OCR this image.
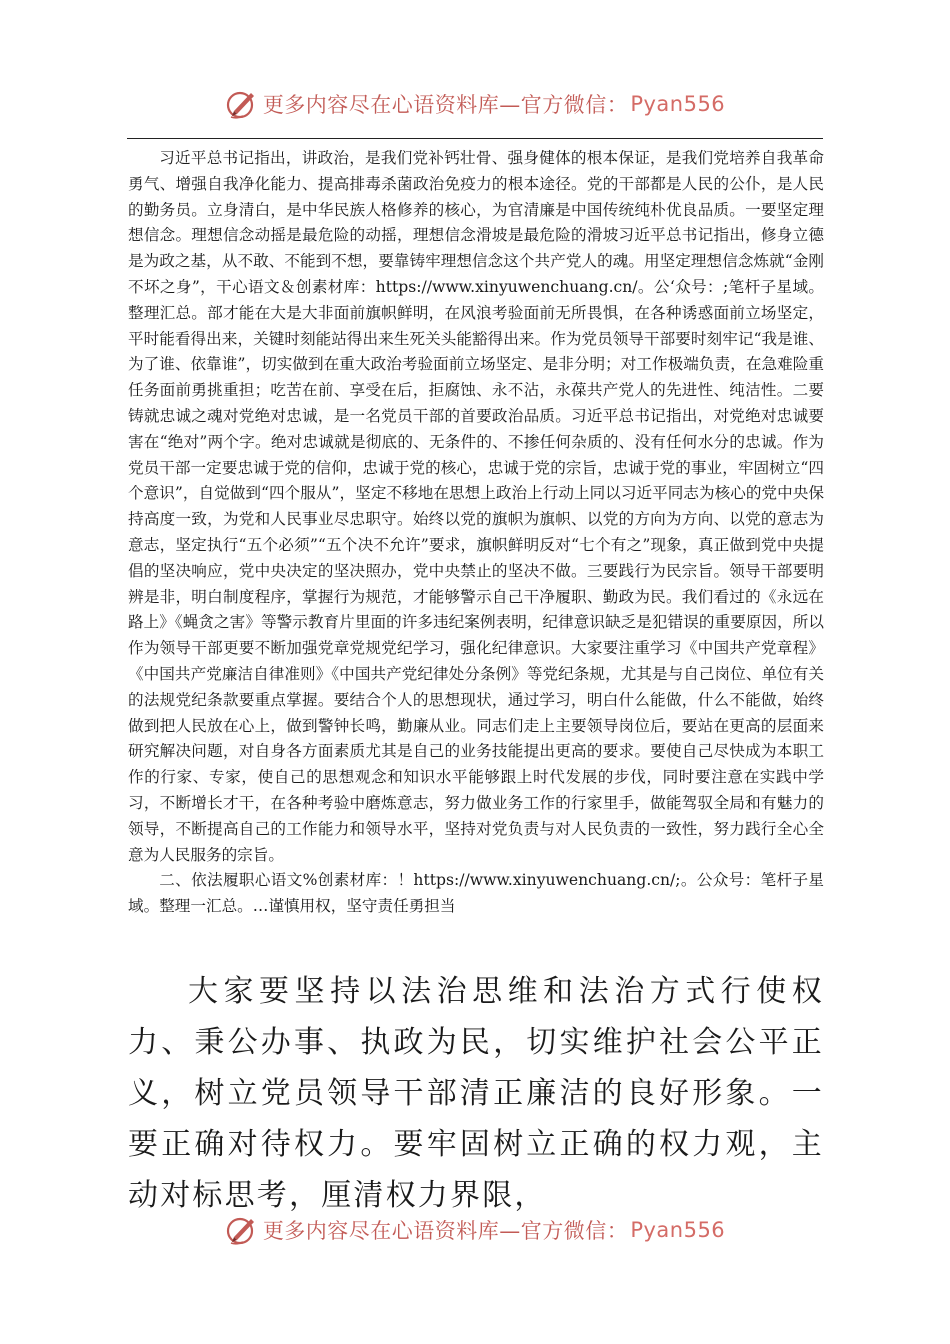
更多内容尽在心语资料库—官方微信： Pyan556

习近平总书记指出，讲政治，是我们党补钙壮骨、强身健体的根本保证，是我们党培养自我革命勇气、增强自我净化能力、提高排毒杀菌政治免疫力的根本途径。党的干部都是人民的公仆，是人民的勤务员。立身清白，是中华民族人格修养的核心，为官清廉是中国传统纯朴优良品质。一要坚定理想信念。理想信念动摇是最危险的动摇，理想信念滑坡是最危险的滑坡习近平总书记指出，修身立德是为政之基，从不敢、不能到不想，要靠铸牢理想信念这个共产党人的魂。用坚定理想信念炼就“金刚不坏之身”，干心语文＆创素材库：https://www.xinyuwenchuang.cn/。公‘众号：;笔杆子星域。整理汇总。部才能在大是大非面前旗帜鲜明，在风浪考验面前无所畏惧，在各种诱惑面前立场坚定，平时能看得出来，关键时刻能站得出来生死关头能豁得出来。作为党员领导干部要时刻牢记“我是谁、为了谁、依靠谁”，切实做到在重大政治考验面前立场坚定、是非分明；对工作极端负责，在急难险重任务面前勇挑重担；吃苦在前、享受在后，拒腐蚀、永不沾，永葆共产党人的先进性、纯洁性。二要铸就忠诚之魂对党绝对忠诚，是一名党员干部的首要政治品质。习近平总书记指出，对党绝对忠诚要害在“绝对”两个字。绝对忠诚就是彻底的、无条件的、不掺任何杂质的、没有任何水分的忠诚。作为党员干部一定要忠诚于党的信仰，忠诚于党的核心，忠诚于党的宗旨，忠诚于党的事业，牢固树立“四个意识”，自觉做到“四个服从”，坚定不移地在思想上政治上行动上同以习近平同志为核心的党中央保持高度一致，为党和人民事业尽忠职守。始终以党的旗帜为旗帜、以党的方向为方向、以党的意志为意志，坚定执行“五个必须”“五个决不允许”要求，旗帜鲜明反对“七个有之”现象，真正做到党中央提倡的坚决响应，党中央决定的坚决照办，党中央禁止的坚决不做。三要践行为民宗旨。领导干部要明辨是非，明白制度程序，掌握行为规范，才能够警示自己干净履职、勤政为民。我们看过的《永远在路上》《蝇贪之害》等警示教育片里面的许多违纪案例表明，纪律意识缺乏是犯错误的重要原因，所以作为领导干部更要不断加强党章党规党纪学习，强化纪律意识。大家要注重学习《中国共产党章程》《中国共产党廉洁自律准则》《中国共产党纪律处分条例》等党纪条规，尤其是与自己岗位、单位有关的法规党纪条款要重点掌握。要结合个人的思想现状，通过学习，明白什么能做，什么不能做，始终做到把人民放在心上，做到警钟长鸣，勤廉从业。同志们走上主要领导岗位后，要站在更高的层面来研究解决问题，对自身各方面素质尤其是自己的业务技能提出更高的要求。要使自己尽快成为本职工作的行家、专家，使自己的思想观念和知识水平能够跟上时代发展的步伐，同时要注意在实践中学习，不断增长才干，在各种考验中磨炼意志，努力做业务工作的行家里手，做能驾驭全局和有魅力的领导，不断提高自己的工作能力和领导水平，坚持对党负责与对人民负责的一致性，努力践行全心全意为人民服务的宗旨。

二、依法履职心语文%创素材库：！https://www.xinyuwenchuang.cn/;。公众号：笔杆子星域。整理一汇总。…谨慎用权，坚守责任勇担当

大家要坚持以法治思维和法治方式行使权力、秉公办事、执政为民，切实维护社会公平正义，树立党员领导干部清正廉洁的良好形象。一要正确对待权力。要牢固树立正确的权力观，主动对标思考，厘清权力界限，

更多内容尽在心语资料库—官方微信： Pyan556
